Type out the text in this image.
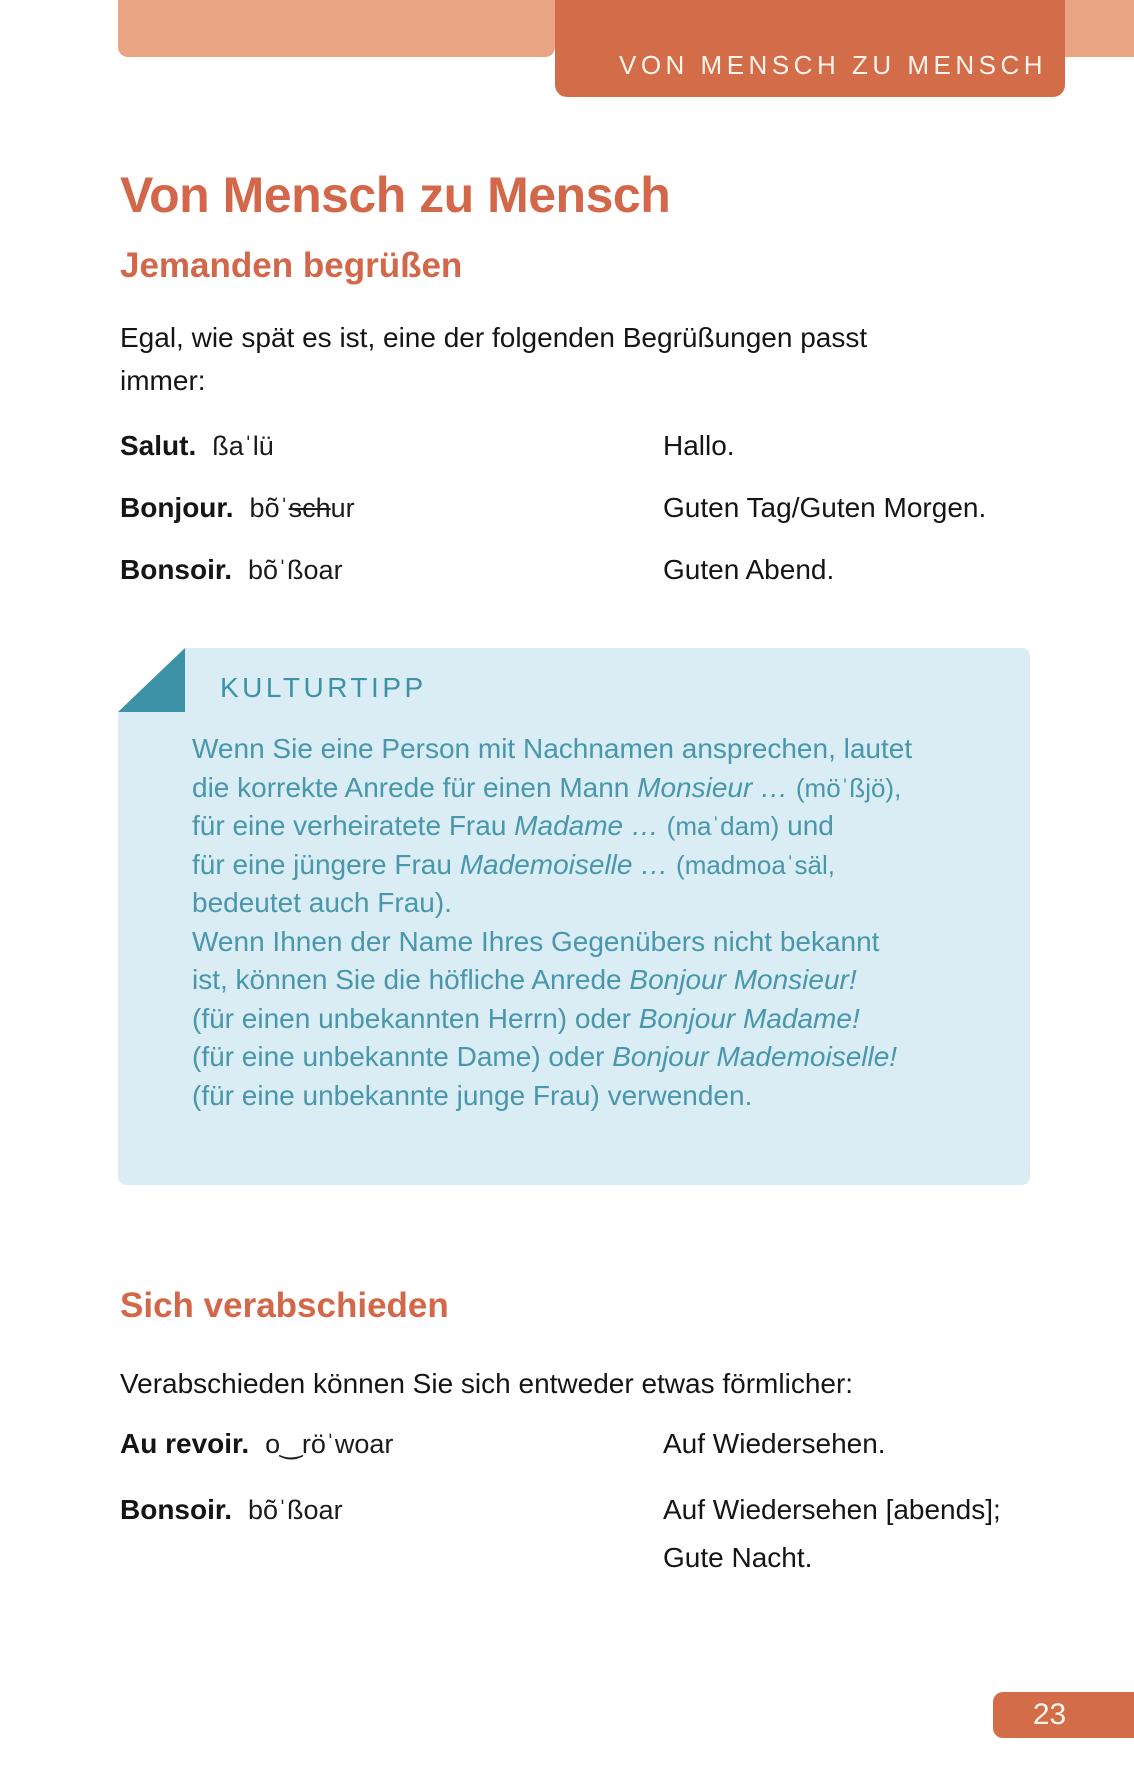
VON MENSCH ZU MENSCH
Von Mensch zu Mensch
Jemanden begrüßen
Egal, wie spät es ist, eine der folgenden Begrüßungen passt
immer:
Salut. ßaˈlü	Hallo.
Bonjour. bõˈschur	Guten Tag/Guten Morgen.
Bonsoir. bõˈßoar	Guten Abend.
KULTURTIPP
Wenn Sie eine Person mit Nachnamen ansprechen, lautet
die korrekte Anrede für einen Mann Monsieur … (möˈßjö),
für eine verheiratete Frau Madame … (maˈdam) und
für eine jüngere Frau Mademoiselle … (madmoaˈsäl,
bedeutet auch Frau).
Wenn Ihnen der Name Ihres Gegenübers nicht bekannt
ist, können Sie die höfliche Anrede Bonjour Monsieur!
(für einen unbekannten Herrn) oder Bonjour Madame!
(für eine unbekannte Dame) oder Bonjour Mademoiselle!
(für eine unbekannte junge Frau) verwenden.
Sich verabschieden
Verabschieden können Sie sich entweder etwas förmlicher:
Au revoir. o‿röˈwoar	Auf Wiedersehen.
Bonsoir. bõˈßoar	Auf Wiedersehen [abends];
Gute Nacht.
23
